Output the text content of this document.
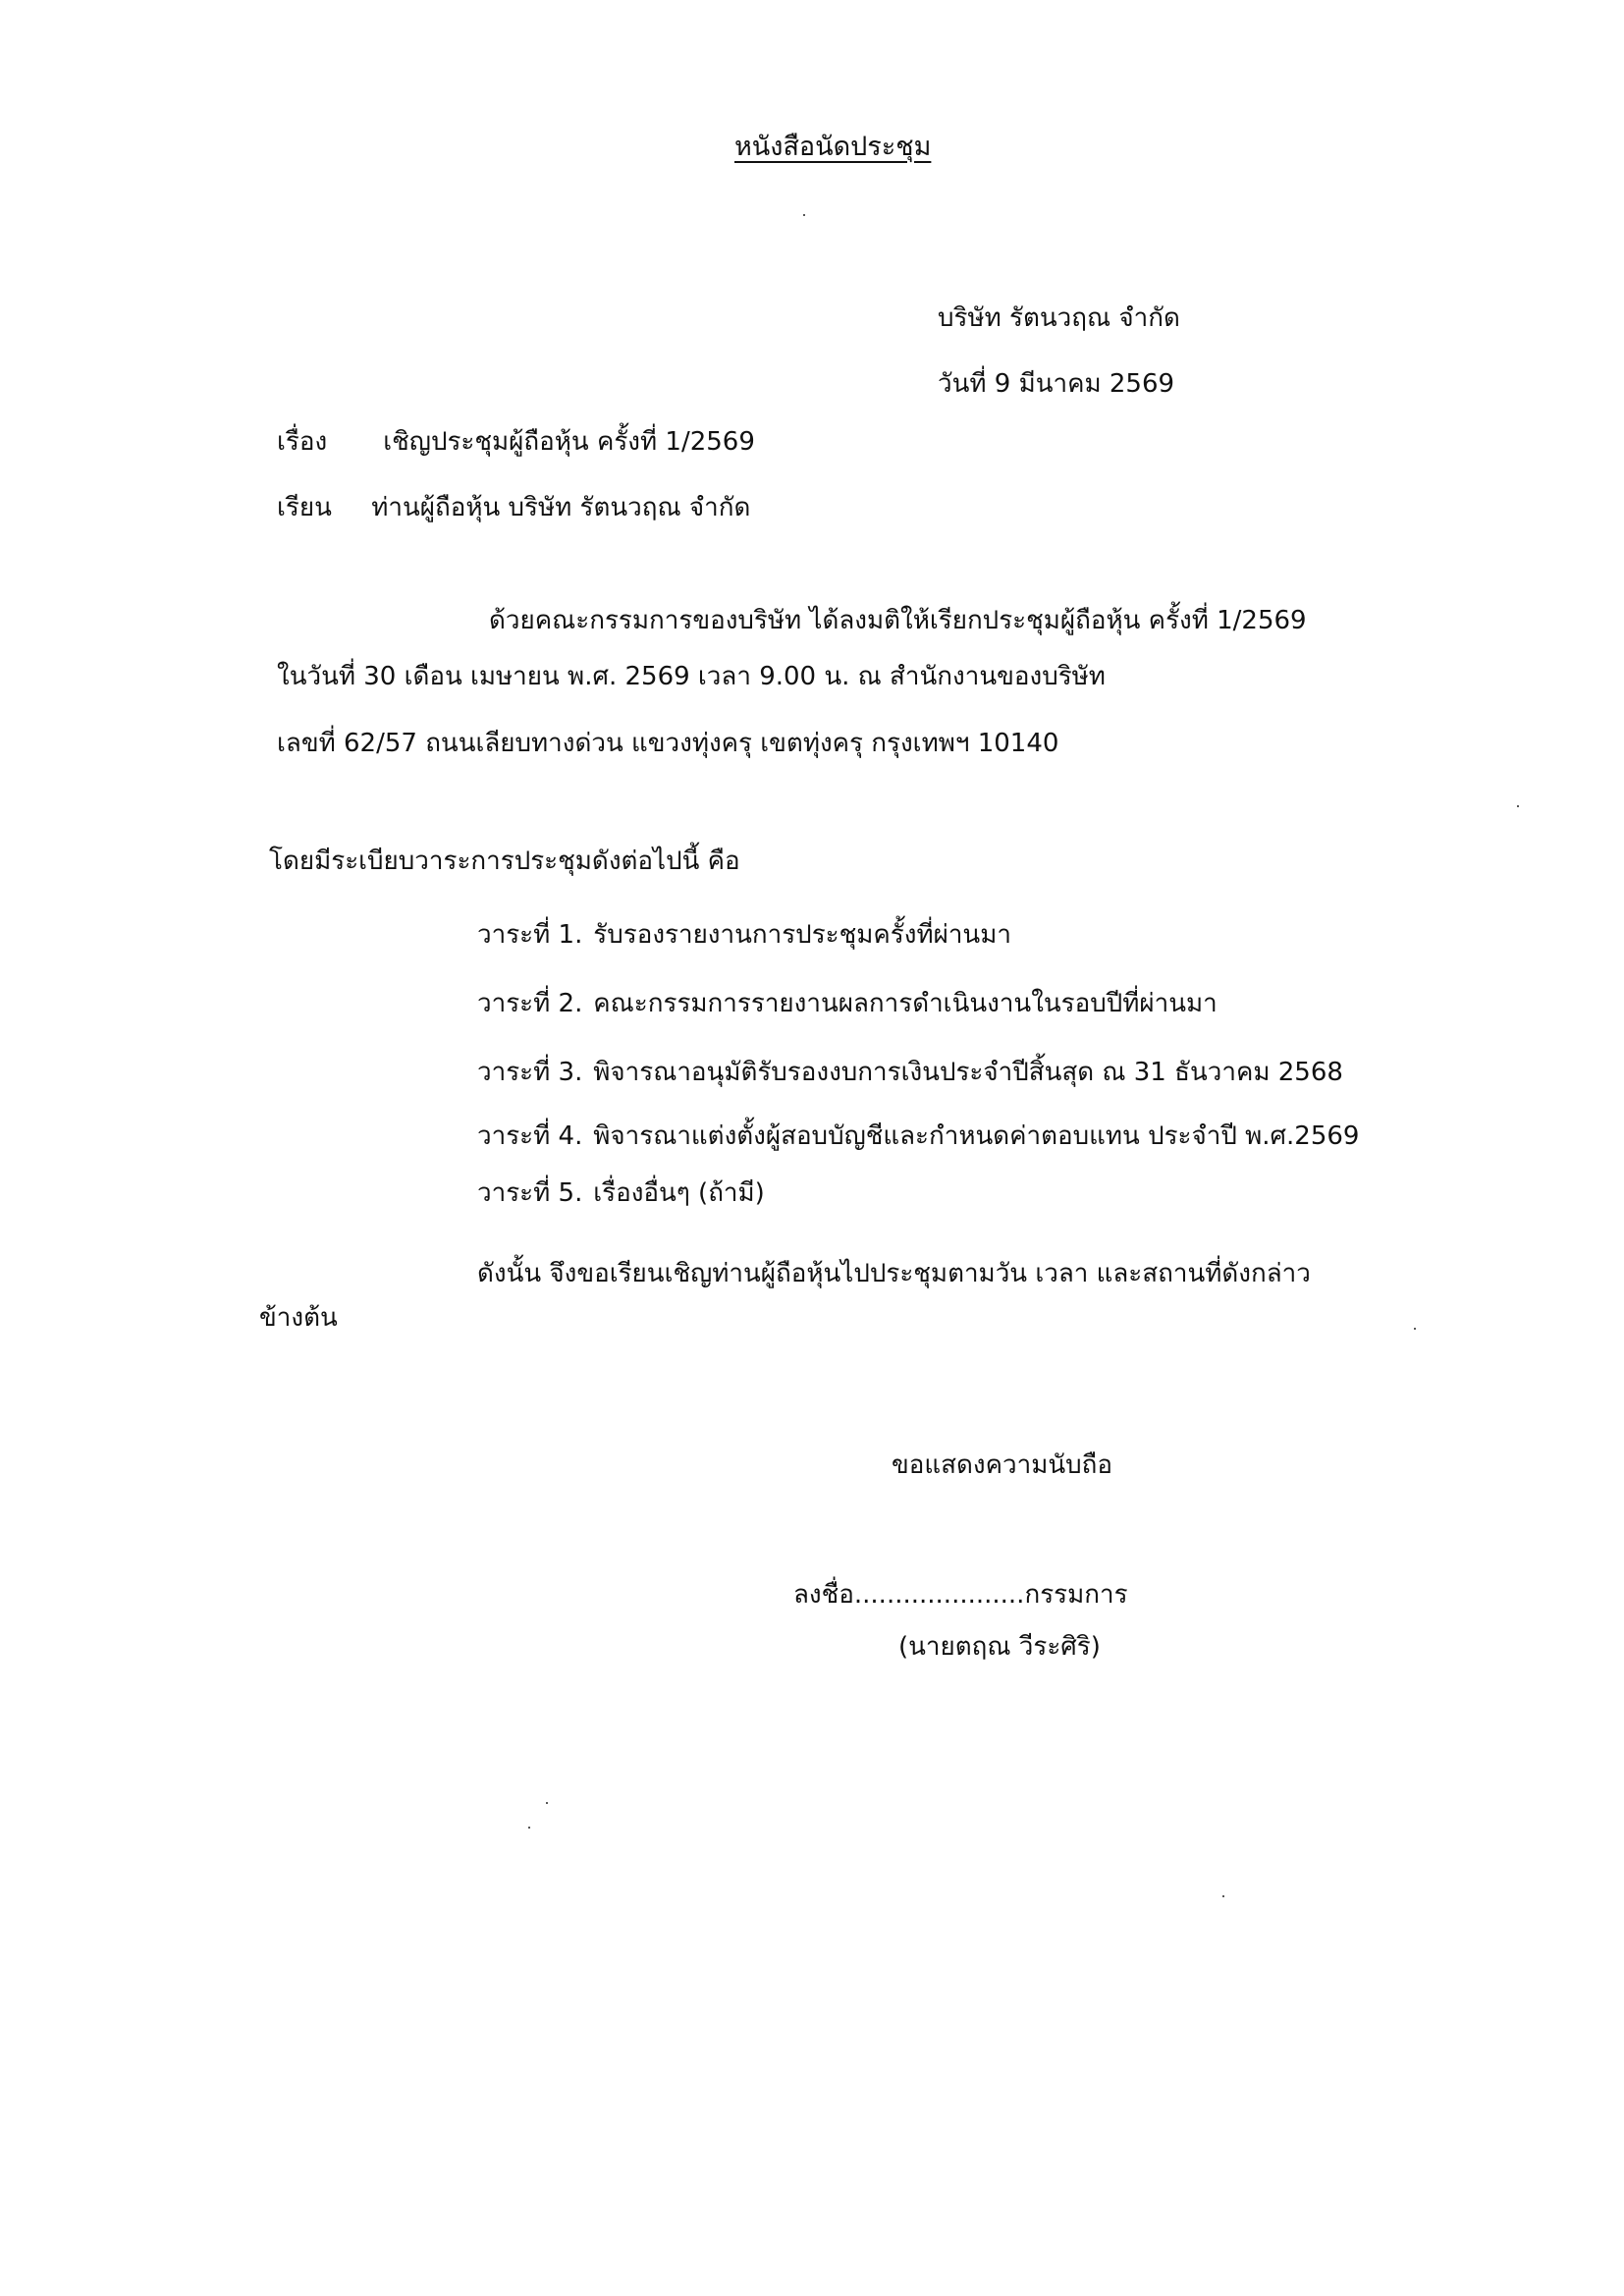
หนังสือนัดประชุม
บริษัท รัตนวฤณ จำกัด
วันที่ 9 มีนาคม 2569
เรื่อง เชิญประชุมผู้ถือหุ้น ครั้งที่ 1/2569
เรียน ท่านผู้ถือหุ้น บริษัท รัตนวฤณ จำกัด
ด้วยคณะกรรมการของบริษัท ได้ลงมติให้เรียกประชุมผู้ถือหุ้น ครั้งที่ 1/2569
ในวันที่ 30 เดือน เมษายน พ.ศ. 2569 เวลา 9.00 น. ณ สำนักงานของบริษัท
เลขที่ 62/57 ถนนเลียบทางด่วน แขวงทุ่งครุ เขตทุ่งครุ กรุงเทพฯ 10140
โดยมีระเบียบวาระการประชุมดังต่อไปนี้ คือ
วาระที่ 1. รับรองรายงานการประชุมครั้งที่ผ่านมา
วาระที่ 2. คณะกรรมการรายงานผลการดำเนินงานในรอบปีที่ผ่านมา
วาระที่ 3. พิจารณาอนุมัติรับรองงบการเงินประจำปีสิ้นสุด ณ 31 ธันวาคม 2568
วาระที่ 4. พิจารณาแต่งตั้งผู้สอบบัญชีและกำหนดค่าตอบแทน ประจำปี พ.ศ.2569
วาระที่ 5. เรื่องอื่นๆ (ถ้ามี)
ดังนั้น จึงขอเรียนเชิญท่านผู้ถือหุ้นไปประชุมตามวัน เวลา และสถานที่ดังกล่าว
ข้างต้น
ขอแสดงความนับถือ
ลงชื่อ.....................กรรมการ
(นายตฤณ วีระศิริ)
